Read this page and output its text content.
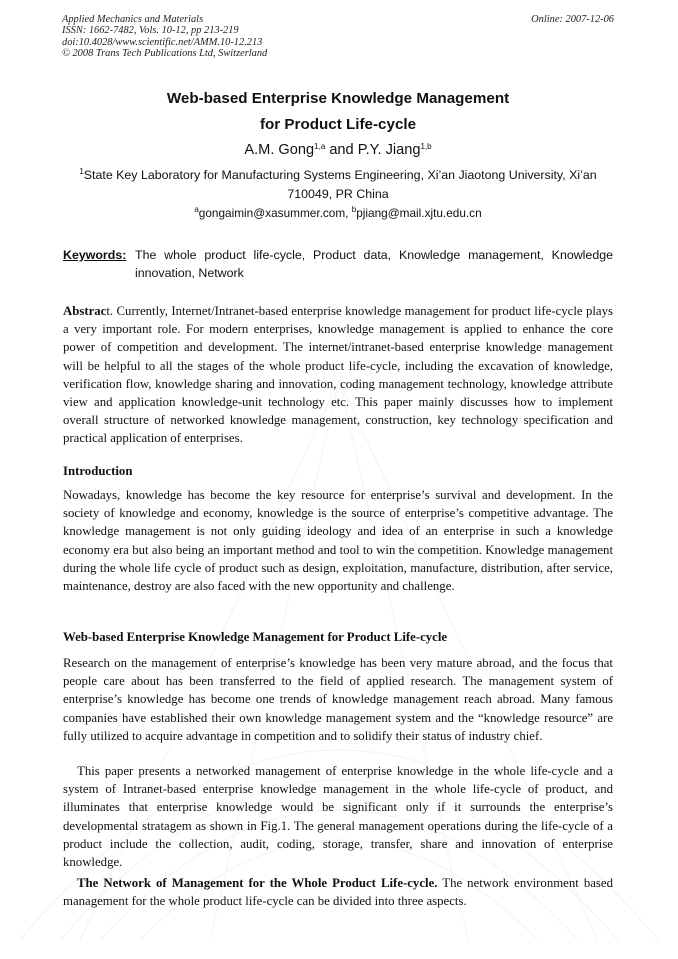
Applied Mechanics and Materials
ISSN: 1662-7482, Vols. 10-12, pp 213-219
doi:10.4028/www.scientific.net/AMM.10-12.213
© 2008 Trans Tech Publications Ltd, Switzerland
Online: 2007-12-06
Web-based Enterprise Knowledge Management
for Product Life-cycle
A.M. Gong$^{1,a}$ and P.Y. Jiang$^{1,b}$
$^1$State Key Laboratory for Manufacturing Systems Engineering, Xi’an Jiaotong University, Xi’an
710049, PR China
$^a$gongaimin@xasummer.com, $^b$pjiang@mail.xjtu.edu.cn
Keywords: The whole product life-cycle, Product data, Knowledge management, Knowledge innovation, Network
Abstract. Currently, Internet/Intranet-based enterprise knowledge management for product life-cycle plays a very important role. For modern enterprises, knowledge management is applied to enhance the core power of competition and development. The internet/intranet-based enterprise knowledge management will be helpful to all the stages of the whole product life-cycle, including the excavation of knowledge, verification flow, knowledge sharing and innovation, coding management technology, knowledge attribute view and application knowledge-unit technology etc. This paper mainly discusses how to implement overall structure of networked knowledge management, construction, key technology specification and practical application of enterprises.
Introduction
Nowadays, knowledge has become the key resource for enterprise’s survival and development. In the society of knowledge and economy, knowledge is the source of enterprise’s competitive advantage. The knowledge management is not only guiding ideology and idea of an enterprise in such a knowledge economy era but also being an important method and tool to win the competition. Knowledge management during the whole life cycle of product such as design, exploitation, manufacture, distribution, after service, maintenance, destroy are also faced with the new opportunity and challenge.
Web-based Enterprise Knowledge Management for Product Life-cycle
Research on the management of enterprise’s knowledge has been very mature abroad, and the focus that people care about has been transferred to the field of applied research. The management system of enterprise’s knowledge has become one trends of knowledge management reach abroad. Many famous companies have established their own knowledge management system and the “knowledge resource” are fully utilized to acquire advantage in competition and to solidify their status of industry chief.
This paper presents a networked management of enterprise knowledge in the whole life-cycle and a system of Intranet-based enterprise knowledge management in the whole life-cycle of product, and illuminates that enterprise knowledge would be significant only if it surrounds the enterprise’s developmental stratagem as shown in Fig.1. The general management operations during the life-cycle of a product include the collection, audit, coding, storage, transfer, share and innovation of enterprise knowledge.
The Network of Management for the Whole Product Life-cycle. The network environment based management for the whole product life-cycle can be divided into three aspects.
